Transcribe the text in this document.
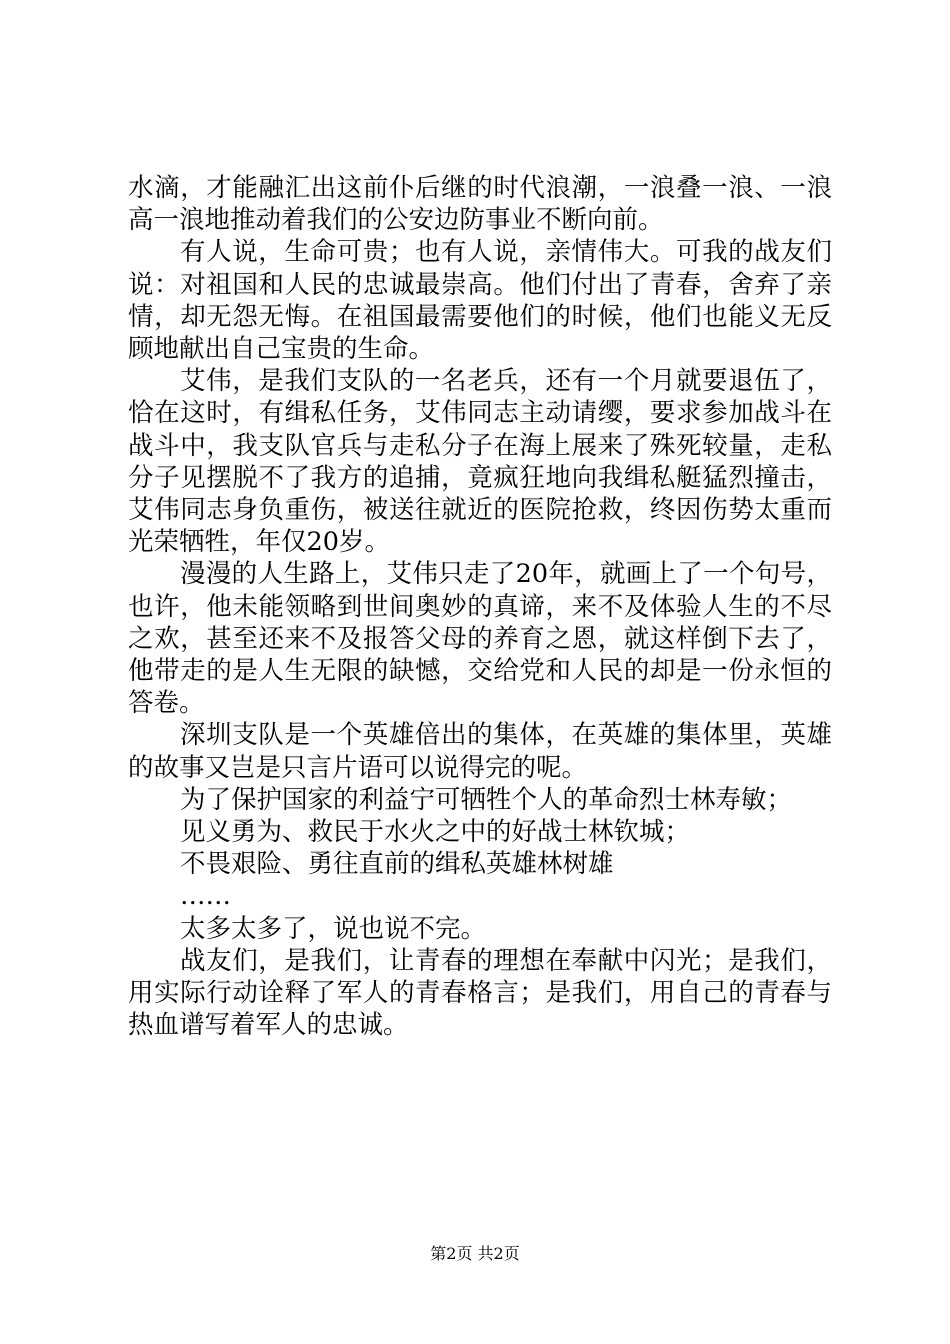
水滴，才能融汇出这前仆后继的时代浪潮，一浪叠一浪、一浪高一浪地推动着我们的公安边防事业不断向前。

有人说，生命可贵；也有人说，亲情伟大。可我的战友们说：对祖国和人民的忠诚最崇高。他们付出了青春，舍弃了亲情，却无怨无悔。在祖国最需要他们的时候，他们也能义无反顾地献出自己宝贵的生命。

艾伟，是我们支队的一名老兵，还有一个月就要退伍了，恰在这时，有缉私任务，艾伟同志主动请缨，要求参加战斗在战斗中，我支队官兵与走私分子在海上展来了殊死较量，走私分子见摆脱不了我方的追捕，竟疯狂地向我缉私艇猛烈撞击，艾伟同志身负重伤，被送往就近的医院抢救，终因伤势太重而光荣牺牲，年仅20岁。

漫漫的人生路上，艾伟只走了20年，就画上了一个句号，也许，他未能领略到世间奥妙的真谛，来不及体验人生的不尽之欢，甚至还来不及报答父母的养育之恩，就这样倒下去了，他带走的是人生无限的缺憾，交给党和人民的却是一份永恒的答卷。

深圳支队是一个英雄倍出的集体，在英雄的集体里，英雄的故事又岂是只言片语可以说得完的呢。

为了保护国家的利益宁可牺牲个人的革命烈士林寿敏；

见义勇为、救民于水火之中的好战士林钦城；

不畏艰险、勇往直前的缉私英雄林树雄

……

太多太多了，说也说不完。

战友们，是我们，让青春的理想在奉献中闪光；是我们，用实际行动诠释了军人的青春格言；是我们，用自己的青春与热血谱写着军人的忠诚。

第2页 共2页
